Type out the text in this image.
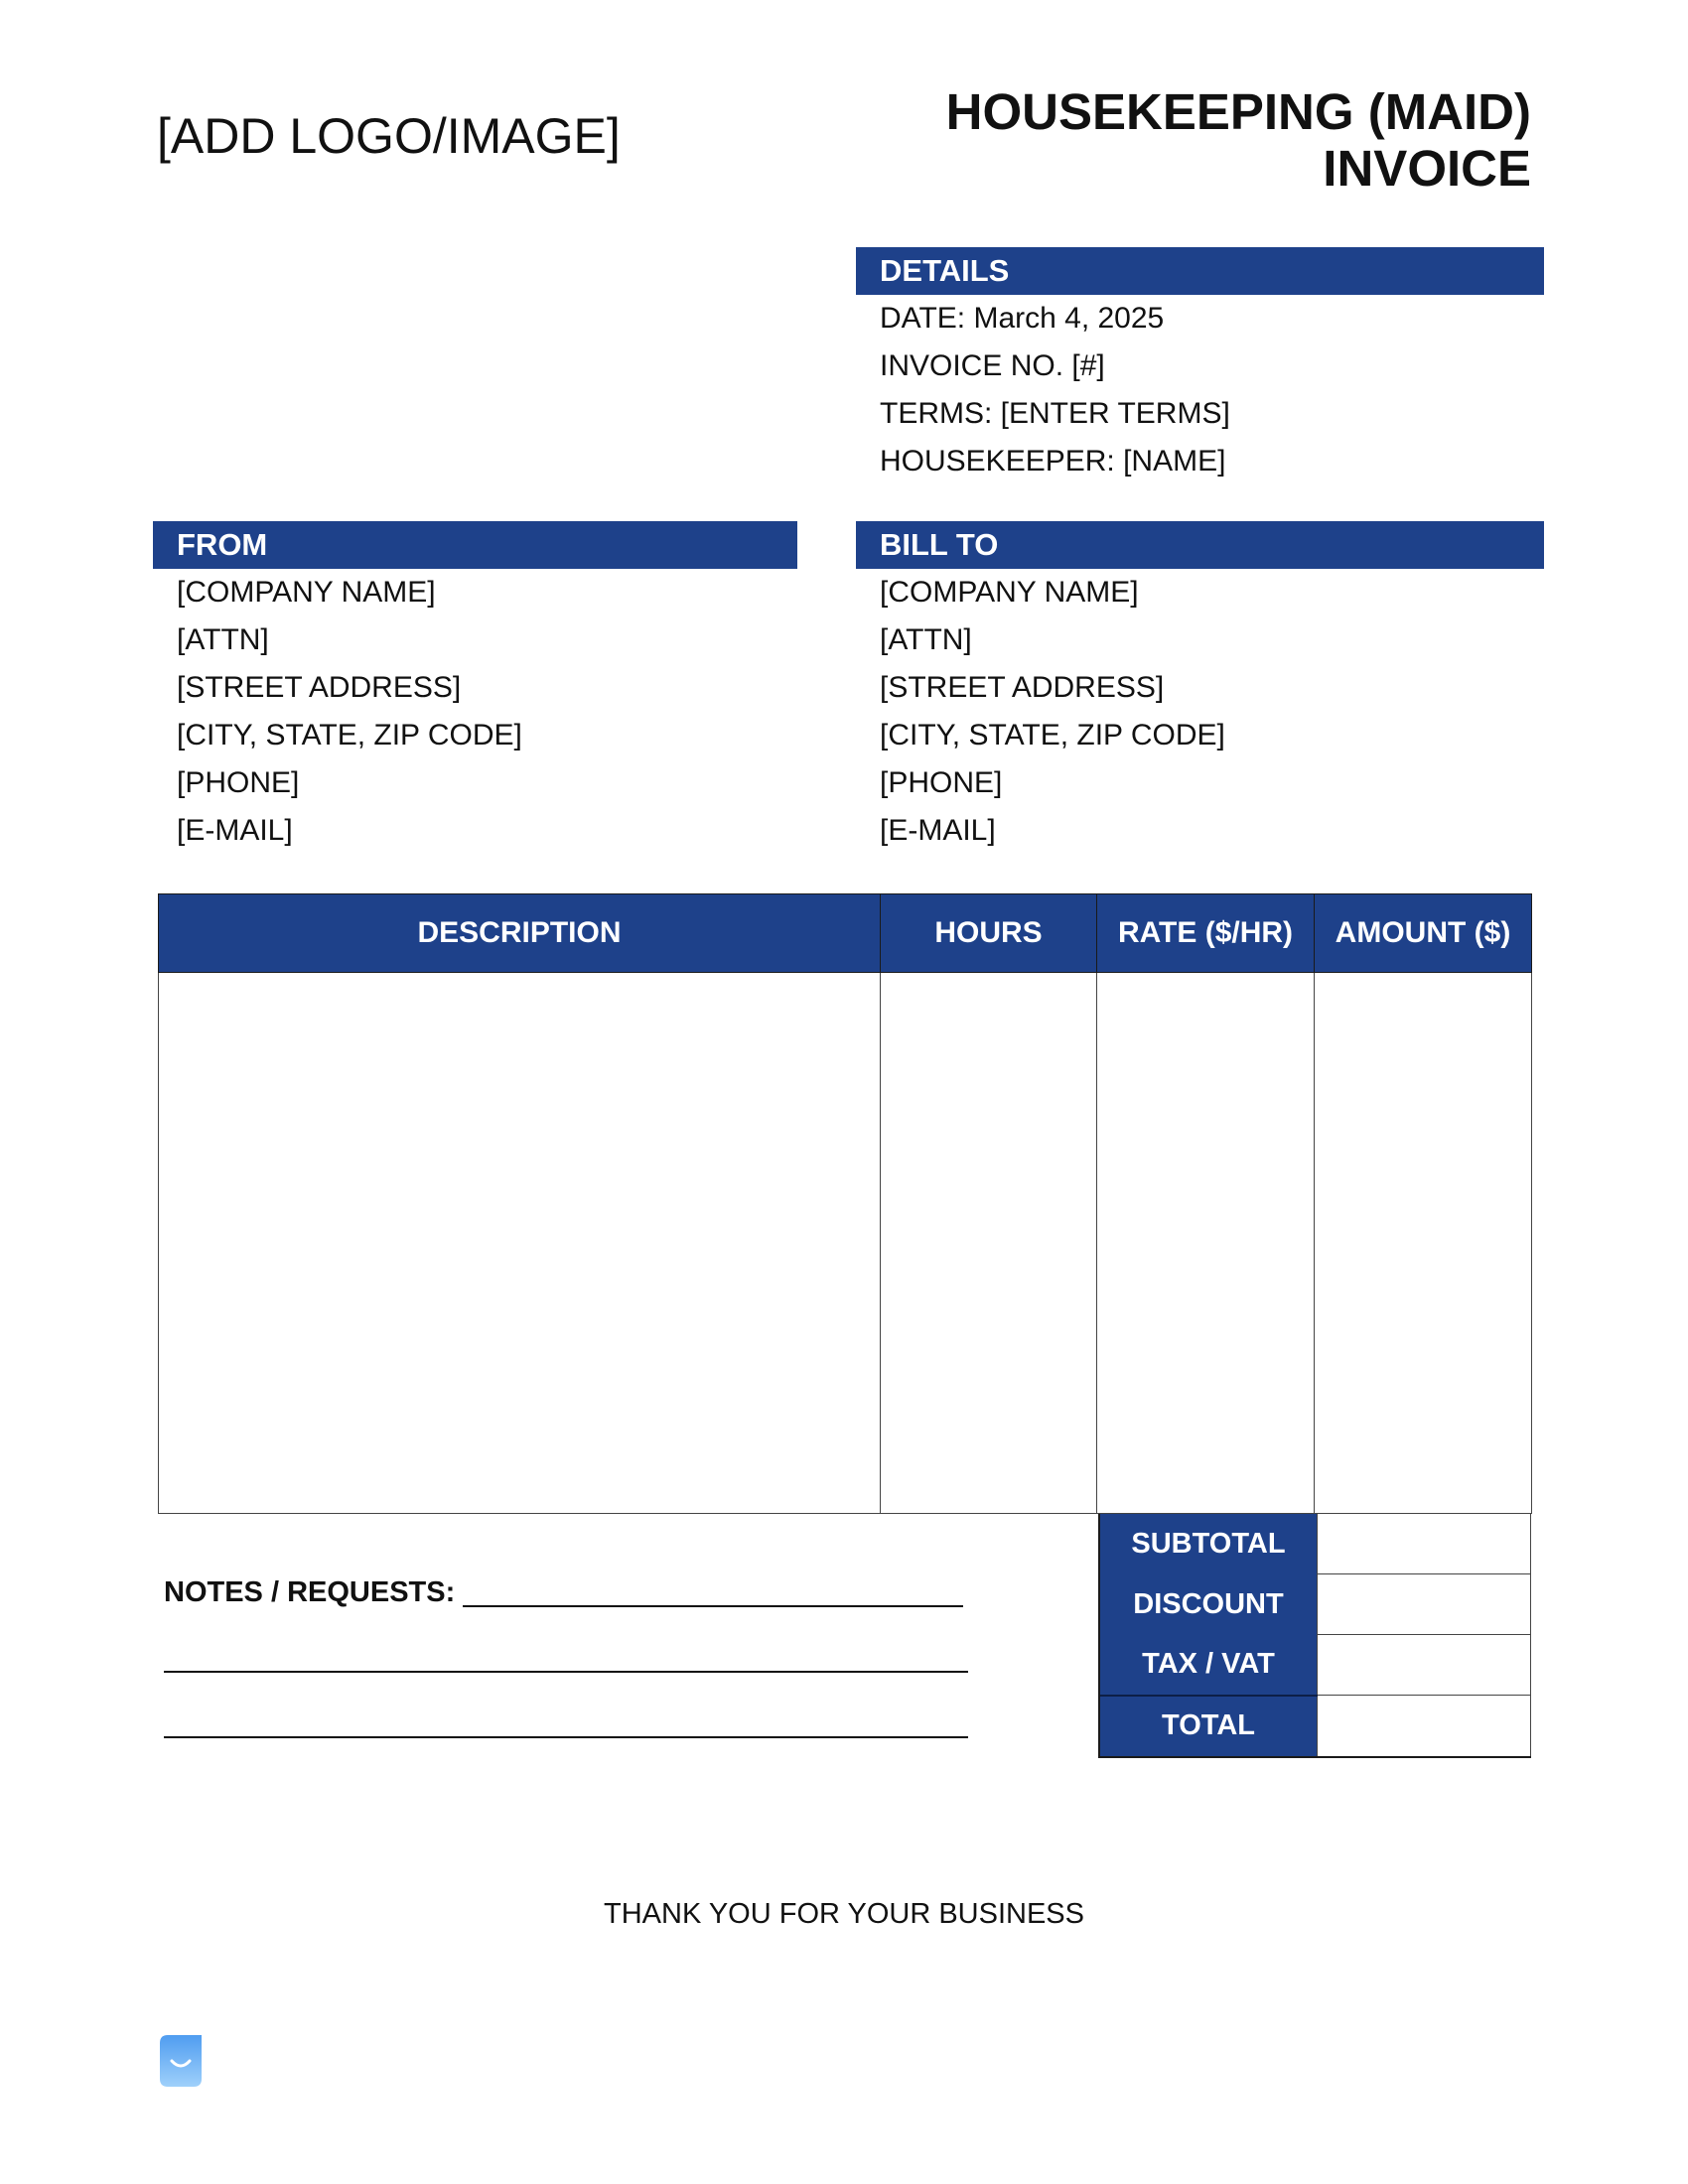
[ADD LOGO/IMAGE]	HOUSEKEEPING (MAID)
INVOICE
DETAILS
DATE: March 4, 2025
INVOICE NO. [#]
TERMS: [ENTER TERMS]
HOUSEKEEPER: [NAME]
FROM
[COMPANY NAME]
[ATTN]
[STREET ADDRESS]
[CITY, STATE, ZIP CODE]
[PHONE]
[E-MAIL]
BILL TO
[COMPANY NAME]
[ATTN]
[STREET ADDRESS]
[CITY, STATE, ZIP CODE]
[PHONE]
[E-MAIL]
DESCRIPTION	HOURS	RATE ($/HR)	AMOUNT ($)

SUBTOTAL	
DISCOUNT	
TAX / VAT	
TOTAL	
NOTES / REQUESTS:
THANK YOU FOR YOUR BUSINESS
